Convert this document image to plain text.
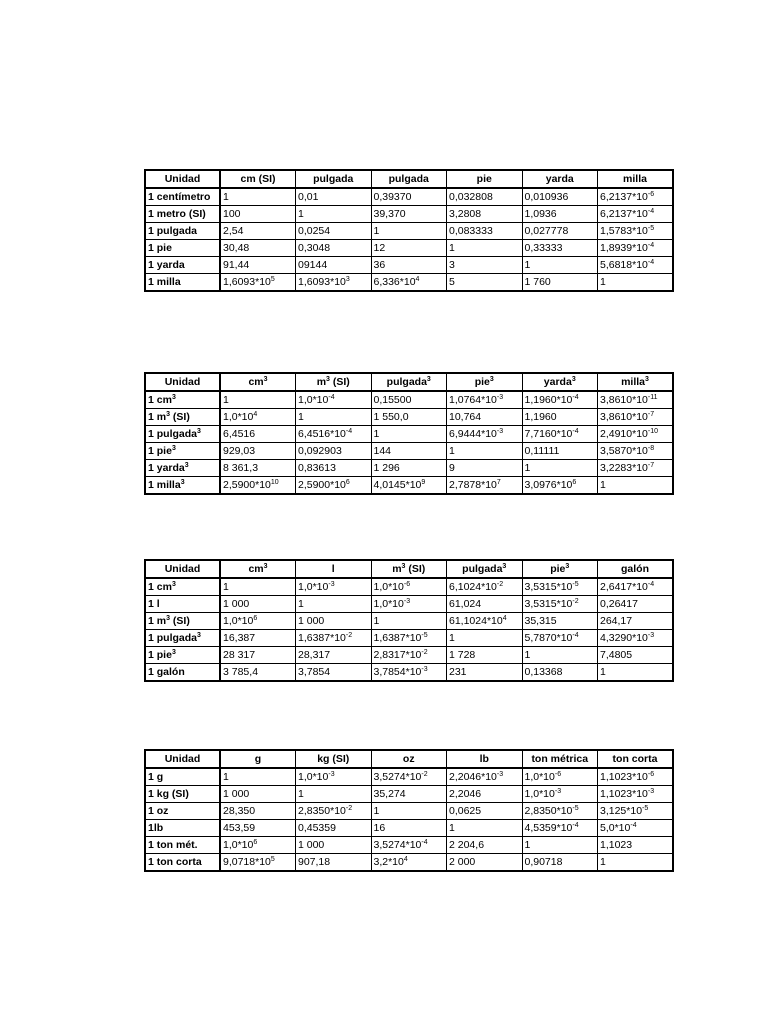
Unidad	cm (SI)	pulgada	pulgada	pie	yarda	milla
1 centímetro	1	0,01	0,39370	0,032808	0,010936	$6,2137*10^{-6}$
1 metro (SI)	100	1	39,370	3,2808	1,0936	$6,2137*10^{-4}$
1 pulgada	2,54	0,0254	1	0,083333	0,027778	$1,5783*10^{-5}$
1 pie	30,48	0,3048	12	1	0,33333	$1,8939*10^{-4}$
1 yarda	91,44	09144	36	3	1	$5,6818*10^{-4}$
1 milla	$1,6093*10^5$	$1,6093*10^3$	$6,336*10^4$	5	1 760	1
Unidad	$cm^3$	$m^3$ (SI)	pulgada$^3$	pie$^3$	yarda$^3$	milla$^3$
1 $cm^3$	1	$1,0*10^{-4}$	0,15500	$1,0764*10^{-3}$	$1,1960*10^{-4}$	$3,8610*10^{-11}$
1 $m^3$ (SI)	$1,0*10^4$	1	1 550,0	10,764	1,1960	$3,8610*10^{-7}$
1 pulgada$^3$	6,4516	$6,4516*10^{-4}$	1	$6,9444*10^{-3}$	$7,7160*10^{-4}$	$2,4910*10^{-10}$
1 pie$^3$	929,03	0,092903	144	1	0,11111	$3,5870*10^{-8}$
1 yarda$^3$	8 361,3	0,83613	1 296	9	1	$3,2283*10^{-7}$
1 milla$^3$	$2,5900*10^{10}$	$2,5900*10^6$	$4,0145*10^9$	$2,7878*10^7$	$3,0976*10^6$	1
Unidad	$cm^3$	l	$m^3$ (SI)	pulgada$^3$	pie$^3$	galón
1 $cm^3$	1	$1,0*10^{-3}$	$1,0*10^{-6}$	$6,1024*10^{-2}$	$3,5315*10^{-5}$	$2,6417*10^{-4}$
1 l	1 000	1	$1,0*10^{-3}$	61,024	$3,5315*10^{-2}$	0,26417
1 $m^3$ (SI)	$1,0*10^6$	1 000	1	$61,1024*10^4$	35,315	264,17
1 pulgada$^3$	16,387	$1,6387*10^{-2}$	$1,6387*10^{-5}$	1	$5,7870*10^{-4}$	$4,3290*10^{-3}$
1 pie$^3$	28 317	28,317	$2,8317*10^{-2}$	1 728	1	7,4805
1 galón	3 785,4	3,7854	$3,7854*10^{-3}$	231	0,13368	1
Unidad	g	kg (SI)	oz	lb	ton métrica	ton corta
1 g	1	$1,0*10^{-3}$	$3,5274*10^{-2}$	$2,2046*10^{-3}$	$1,0*10^{-6}$	$1,1023*10^{-6}$
1 kg (SI)	1 000	1	35,274	2,2046	$1,0*10^{-3}$	$1,1023*10^{-3}$
1 oz	28,350	$2,8350*10^{-2}$	1	0,0625	$2,8350*10^{-5}$	$3,125*10^{-5}$
1lb	453,59	0,45359	16	1	$4,5359*10^{-4}$	$5,0*10^{-4}$
1 ton mét.	$1,0*10^6$	1 000	$3,5274*10^{-4}$	2 204,6	1	1,1023
1 ton corta	$9,0718*10^5$	907,18	$3,2*10^4$	2 000	0,90718	1
